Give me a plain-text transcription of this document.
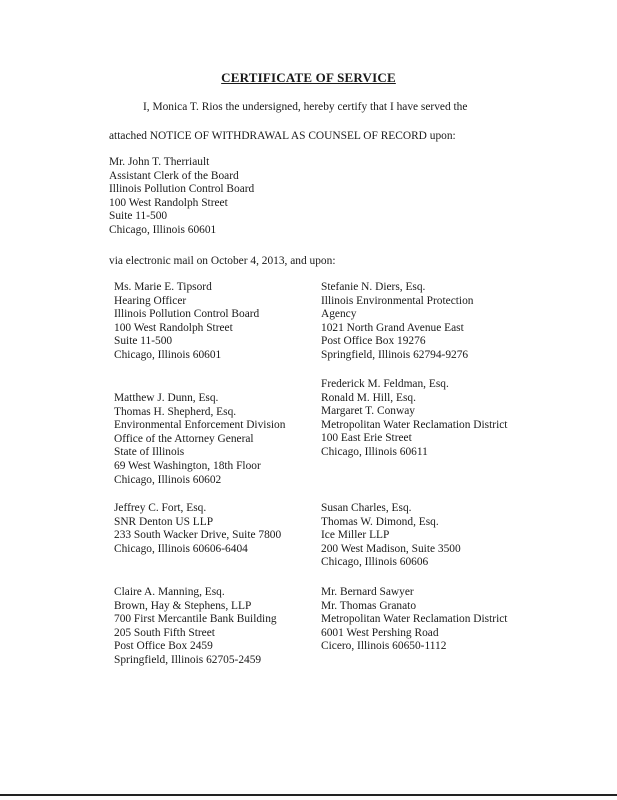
CERTIFICATE OF SERVICE
I, Monica T. Rios the undersigned, hereby certify that I have served the
attached NOTICE OF WITHDRAWAL AS COUNSEL OF RECORD upon:
Mr. John T. Therriault
Assistant Clerk of the Board
Illinois Pollution Control Board
100 West Randolph Street
Suite 11-500
Chicago, Illinois 60601
via electronic mail on October 4, 2013, and upon:
Ms. Marie E. Tipsord
Hearing Officer
Illinois Pollution Control Board
100 West Randolph Street
Suite 11-500
Chicago, Illinois 60601
Matthew J. Dunn, Esq.
Thomas H. Shepherd, Esq.
Environmental Enforcement Division
Office of the Attorney General
State of Illinois
69 West Washington, 18th Floor
Chicago, Illinois 60602
Jeffrey C. Fort, Esq.
SNR Denton US LLP
233 South Wacker Drive, Suite 7800
Chicago, Illinois 60606-6404
Claire A. Manning, Esq.
Brown, Hay & Stephens, LLP
700 First Mercantile Bank Building
205 South Fifth Street
Post Office Box 2459
Springfield, Illinois 62705-2459
Stefanie N. Diers, Esq.
Illinois Environmental Protection
Agency
1021 North Grand Avenue East
Post Office Box 19276
Springfield, Illinois 62794-9276
Frederick M. Feldman, Esq.
Ronald M. Hill, Esq.
Margaret T. Conway
Metropolitan Water Reclamation District
100 East Erie Street
Chicago, Illinois 60611
Susan Charles, Esq.
Thomas W. Dimond, Esq.
Ice Miller LLP
200 West Madison, Suite 3500
Chicago, Illinois 60606
Mr. Bernard Sawyer
Mr. Thomas Granato
Metropolitan Water Reclamation District
6001 West Pershing Road
Cicero, Illinois 60650-1112
